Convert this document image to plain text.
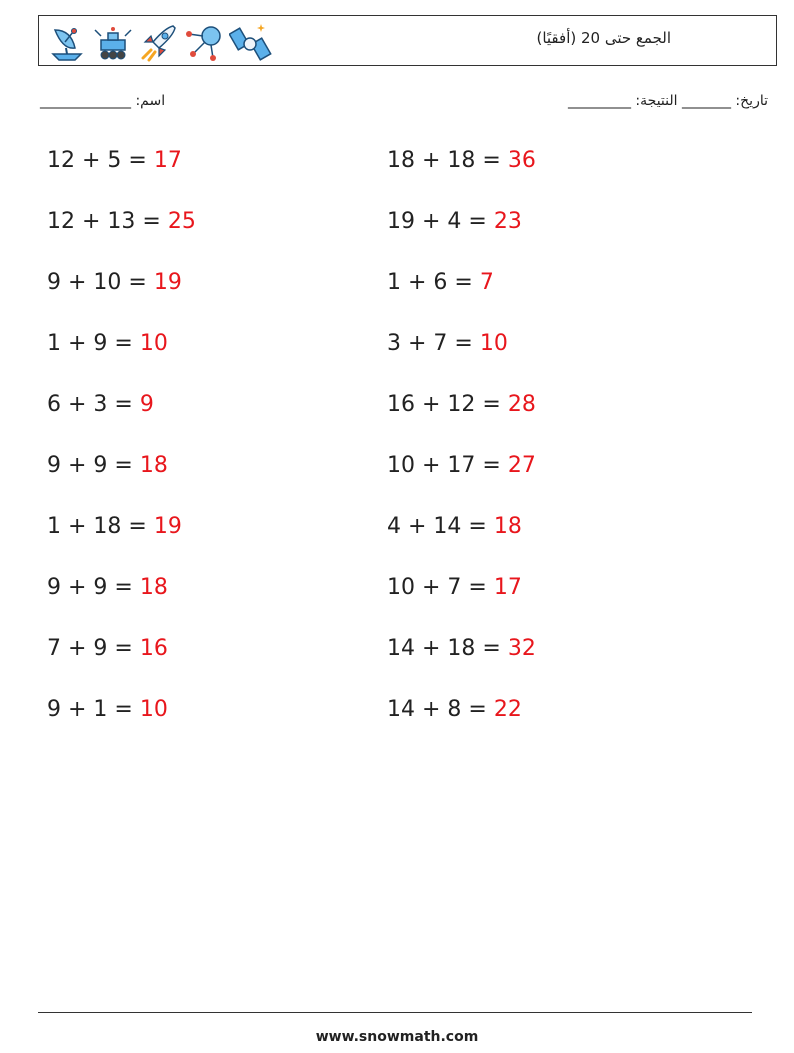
الجمع حتى 20 (أفقيًا)
اسم: _____________	تاريخ: _______ النتيجة: _________
12 + 5 = 17	18 + 18 = 36
12 + 13 = 25	19 + 4 = 23
9 + 10 = 19	1 + 6 = 7
1 + 9 = 10	3 + 7 = 10
6 + 3 = 9	16 + 12 = 28
9 + 9 = 18	10 + 17 = 27
1 + 18 = 19	4 + 14 = 18
9 + 9 = 18	10 + 7 = 17
7 + 9 = 16	14 + 18 = 32
9 + 1 = 10	14 + 8 = 22
www.snowmath.com
